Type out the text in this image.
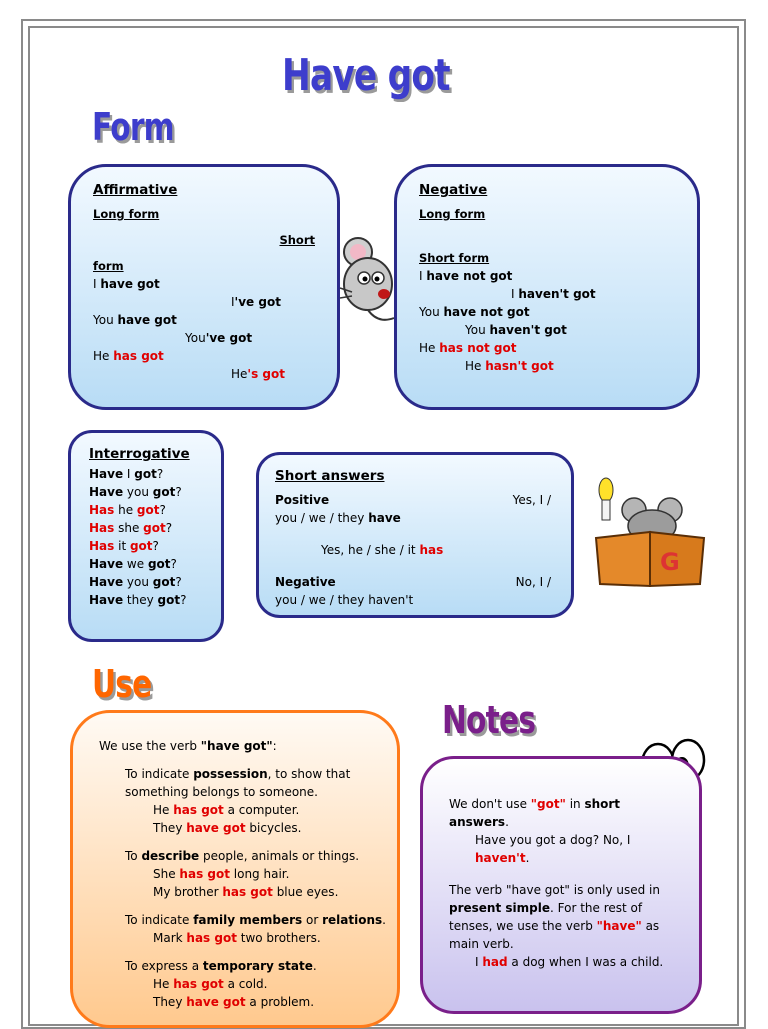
Have got
Form
Use
Notes
Affirmative
Long form
Short
form
I have got
I've got
You have got
You've got
He has got
He's got
Negative
Long form
Short form
I have not got
I haven't got
You have not got
You haven't got
He has not got
He hasn't got
Interrogative
Have I got?
Have you got?
Has he got?
Has she got?
Has it got?
Have we got?
Have you got?
Have they got?
Short answers
Positive	Yes, I /
you / we / they have
Yes, he / she / it has
Negative	No, I /
you / we / they haven't
G
We use the verb "have got":
To indicate possession, to show that
something belongs to someone.
He has got a computer.
They have got bicycles.
To describe people, animals or things.
She has got long hair.
My brother has got blue eyes.
To indicate family members or relations.
Mark has got two brothers.
To express a temporary state.
He has got a cold.
They have got a problem.
We don't use "got" in short
answers.
Have you got a dog? No, I
haven't.
The verb "have got" is only used in
present simple. For the rest of
tenses, we use the verb "have" as
main verb.
I had a dog when I was a child.
